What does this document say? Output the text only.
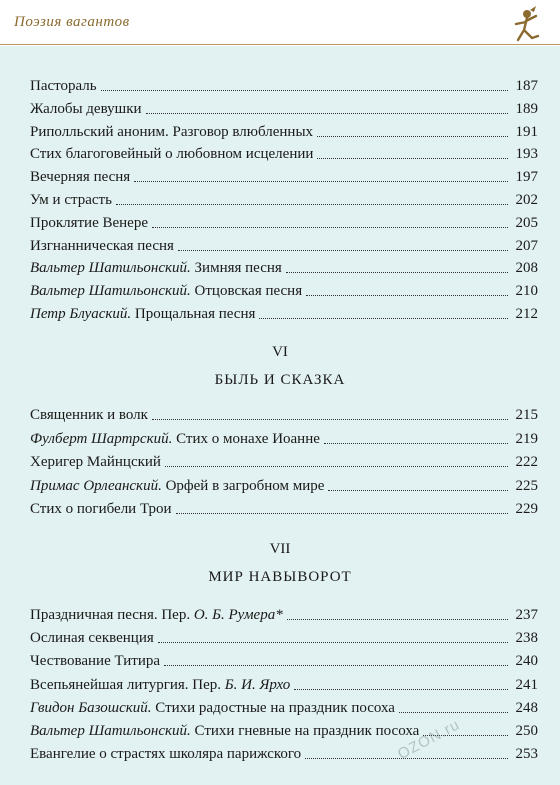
Поэзия вагантов
Пастораль	187
Жалобы девушки	189
Риполльский аноним. Разговор влюбленных	191
Стих благоговейный о любовном исцелении	193
Вечерняя песня	197
Ум и страсть	202
Проклятие Венере	205
Изгнанническая песня	207
Вальтер Шатильонский. Зимняя песня	208
Вальтер Шатильонский. Отцовская песня	210
Петр Блуаский. Прощальная песня	212
Священник и волк	215
Фулберт Шартрский. Стих о монахе Иоанне	219
Херигер Майнцский	222
Примас Орлеанский. Орфей в загробном мире	225
Стих о погибели Трои	229
Праздничная песня. Пер. О. Б. Румера*	237
Ослиная секвенция	238
Чествование Титира	240
Всепьянейшая литургия. Пер. Б. И. Ярхо	241
Гвидон Базошский. Стихи радостные на праздник посоха	248
Вальтер Шатильонский. Стихи гневные на праздник посоха	250
Евангелие о страстях школяра парижского	253
VI
БЫЛЬ И СКАЗКА
VII
МИР НАВЫВОРОТ
OZON.ru
